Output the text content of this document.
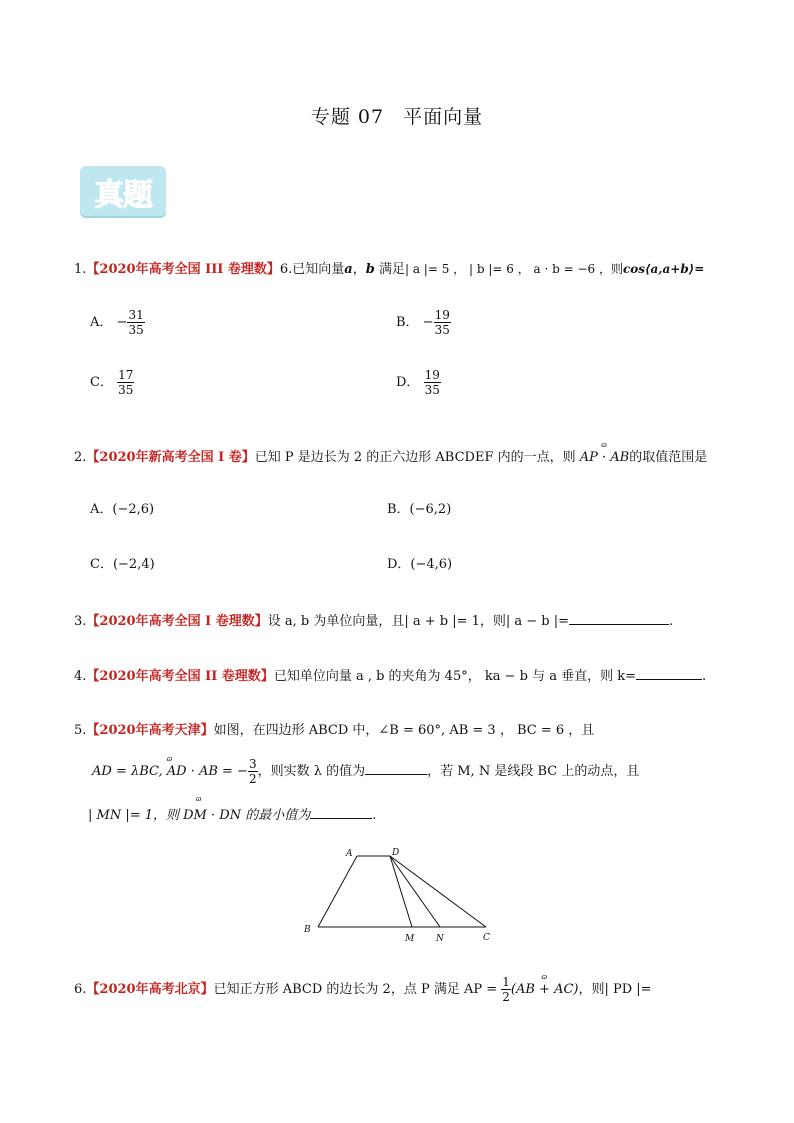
专题 07 平面向量
真题
1.【2020年高考全国 III 卷理数】6.已知向量a，b 满足| a |= 5 ， | b |= 6 ， a · b = −6 ，则cos⟨a,a+b⟩=
A． − $\frac{31}{35}$	B． − $\frac{19}{35}$
C． $\frac{17}{35}$	D． $\frac{19}{35}$
2.【2020年新高考全国 I 卷】已知 P 是边长为 2 的正六边形 ABCDEF 内的一点，则 ɷ AP · AB的取值范围是
A．(−2,6)	B．(−6,2)
C．(−2,4)	D．(−4,6)
3.【2020年高考全国 I 卷理数】设 a, b 为单位向量，且| a + b |= 1，则| a − b |=	.
4.【2020年高考全国 II 卷理数】已知单位向量 a , b 的夹角为 45°， ka − b 与 a 垂直，则 k=	.
5.【2020年高考天津】如图，在四边形 ABCD 中，∠B = 60°, AB = 3 ， BC = 6 ，且
ɷ AD = λBC, AD · AB = − $\frac{3}{2}$ ，则实数 λ 的值为	，若 M, N 是线段 BC 上的动点，且
ɷ | MN |= 1，则 DM · DN 的最小值为	.
A	D
B
M N	C
6.【2020年高考北京】已知正方形 ABCD 的边长为 2，点 P 满足 AP = $\frac{1}{2}$
ɷ (AB + AC)，则| PD |=
